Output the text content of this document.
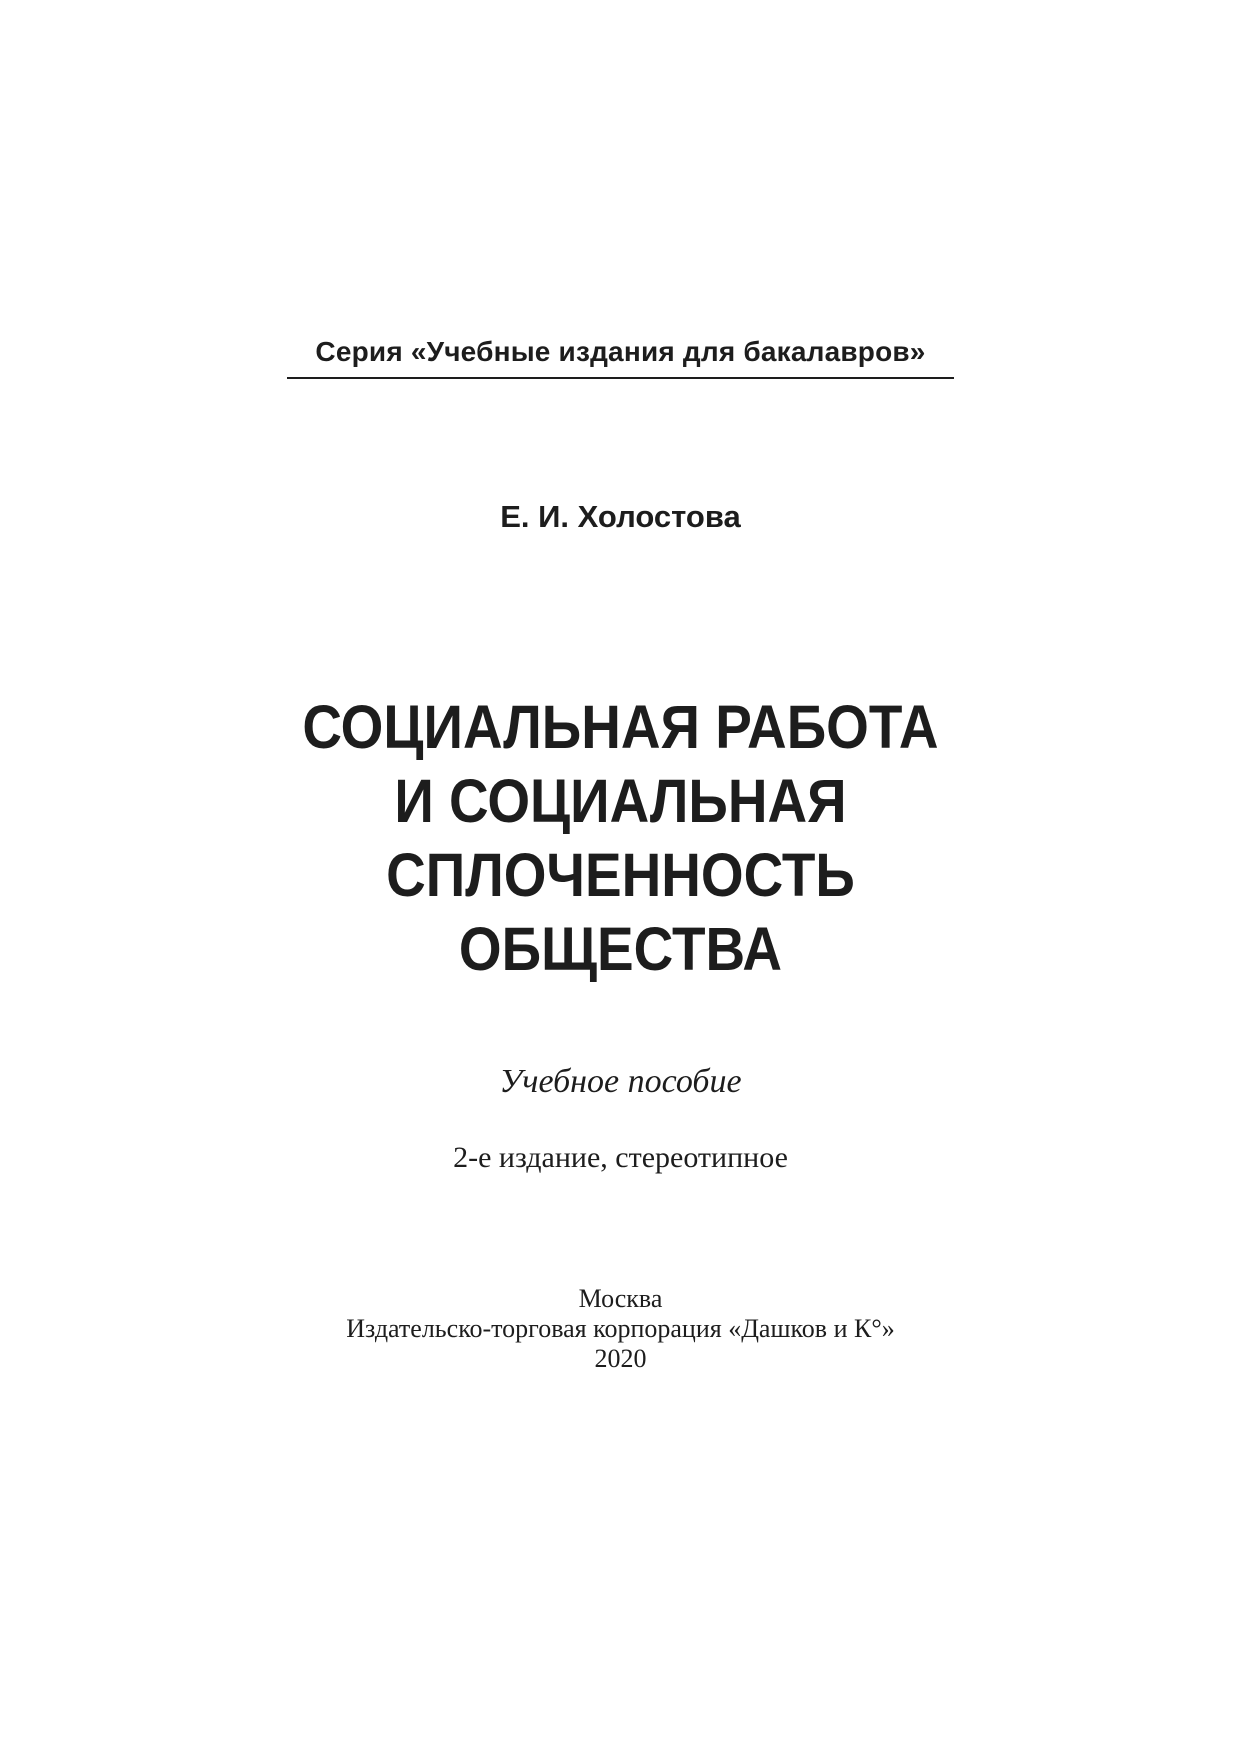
Серия «Учебные издания для бакалавров»
Е. И. Холостова
СОЦИАЛЬНАЯ РАБОТА
И СОЦИАЛЬНАЯ
СПЛОЧЕННОСТЬ
ОБЩЕСТВА
Учебное пособие
2-е издание, стереотипное
Москва
Издательско-торговая корпорация «Дашков и К°»
2020
